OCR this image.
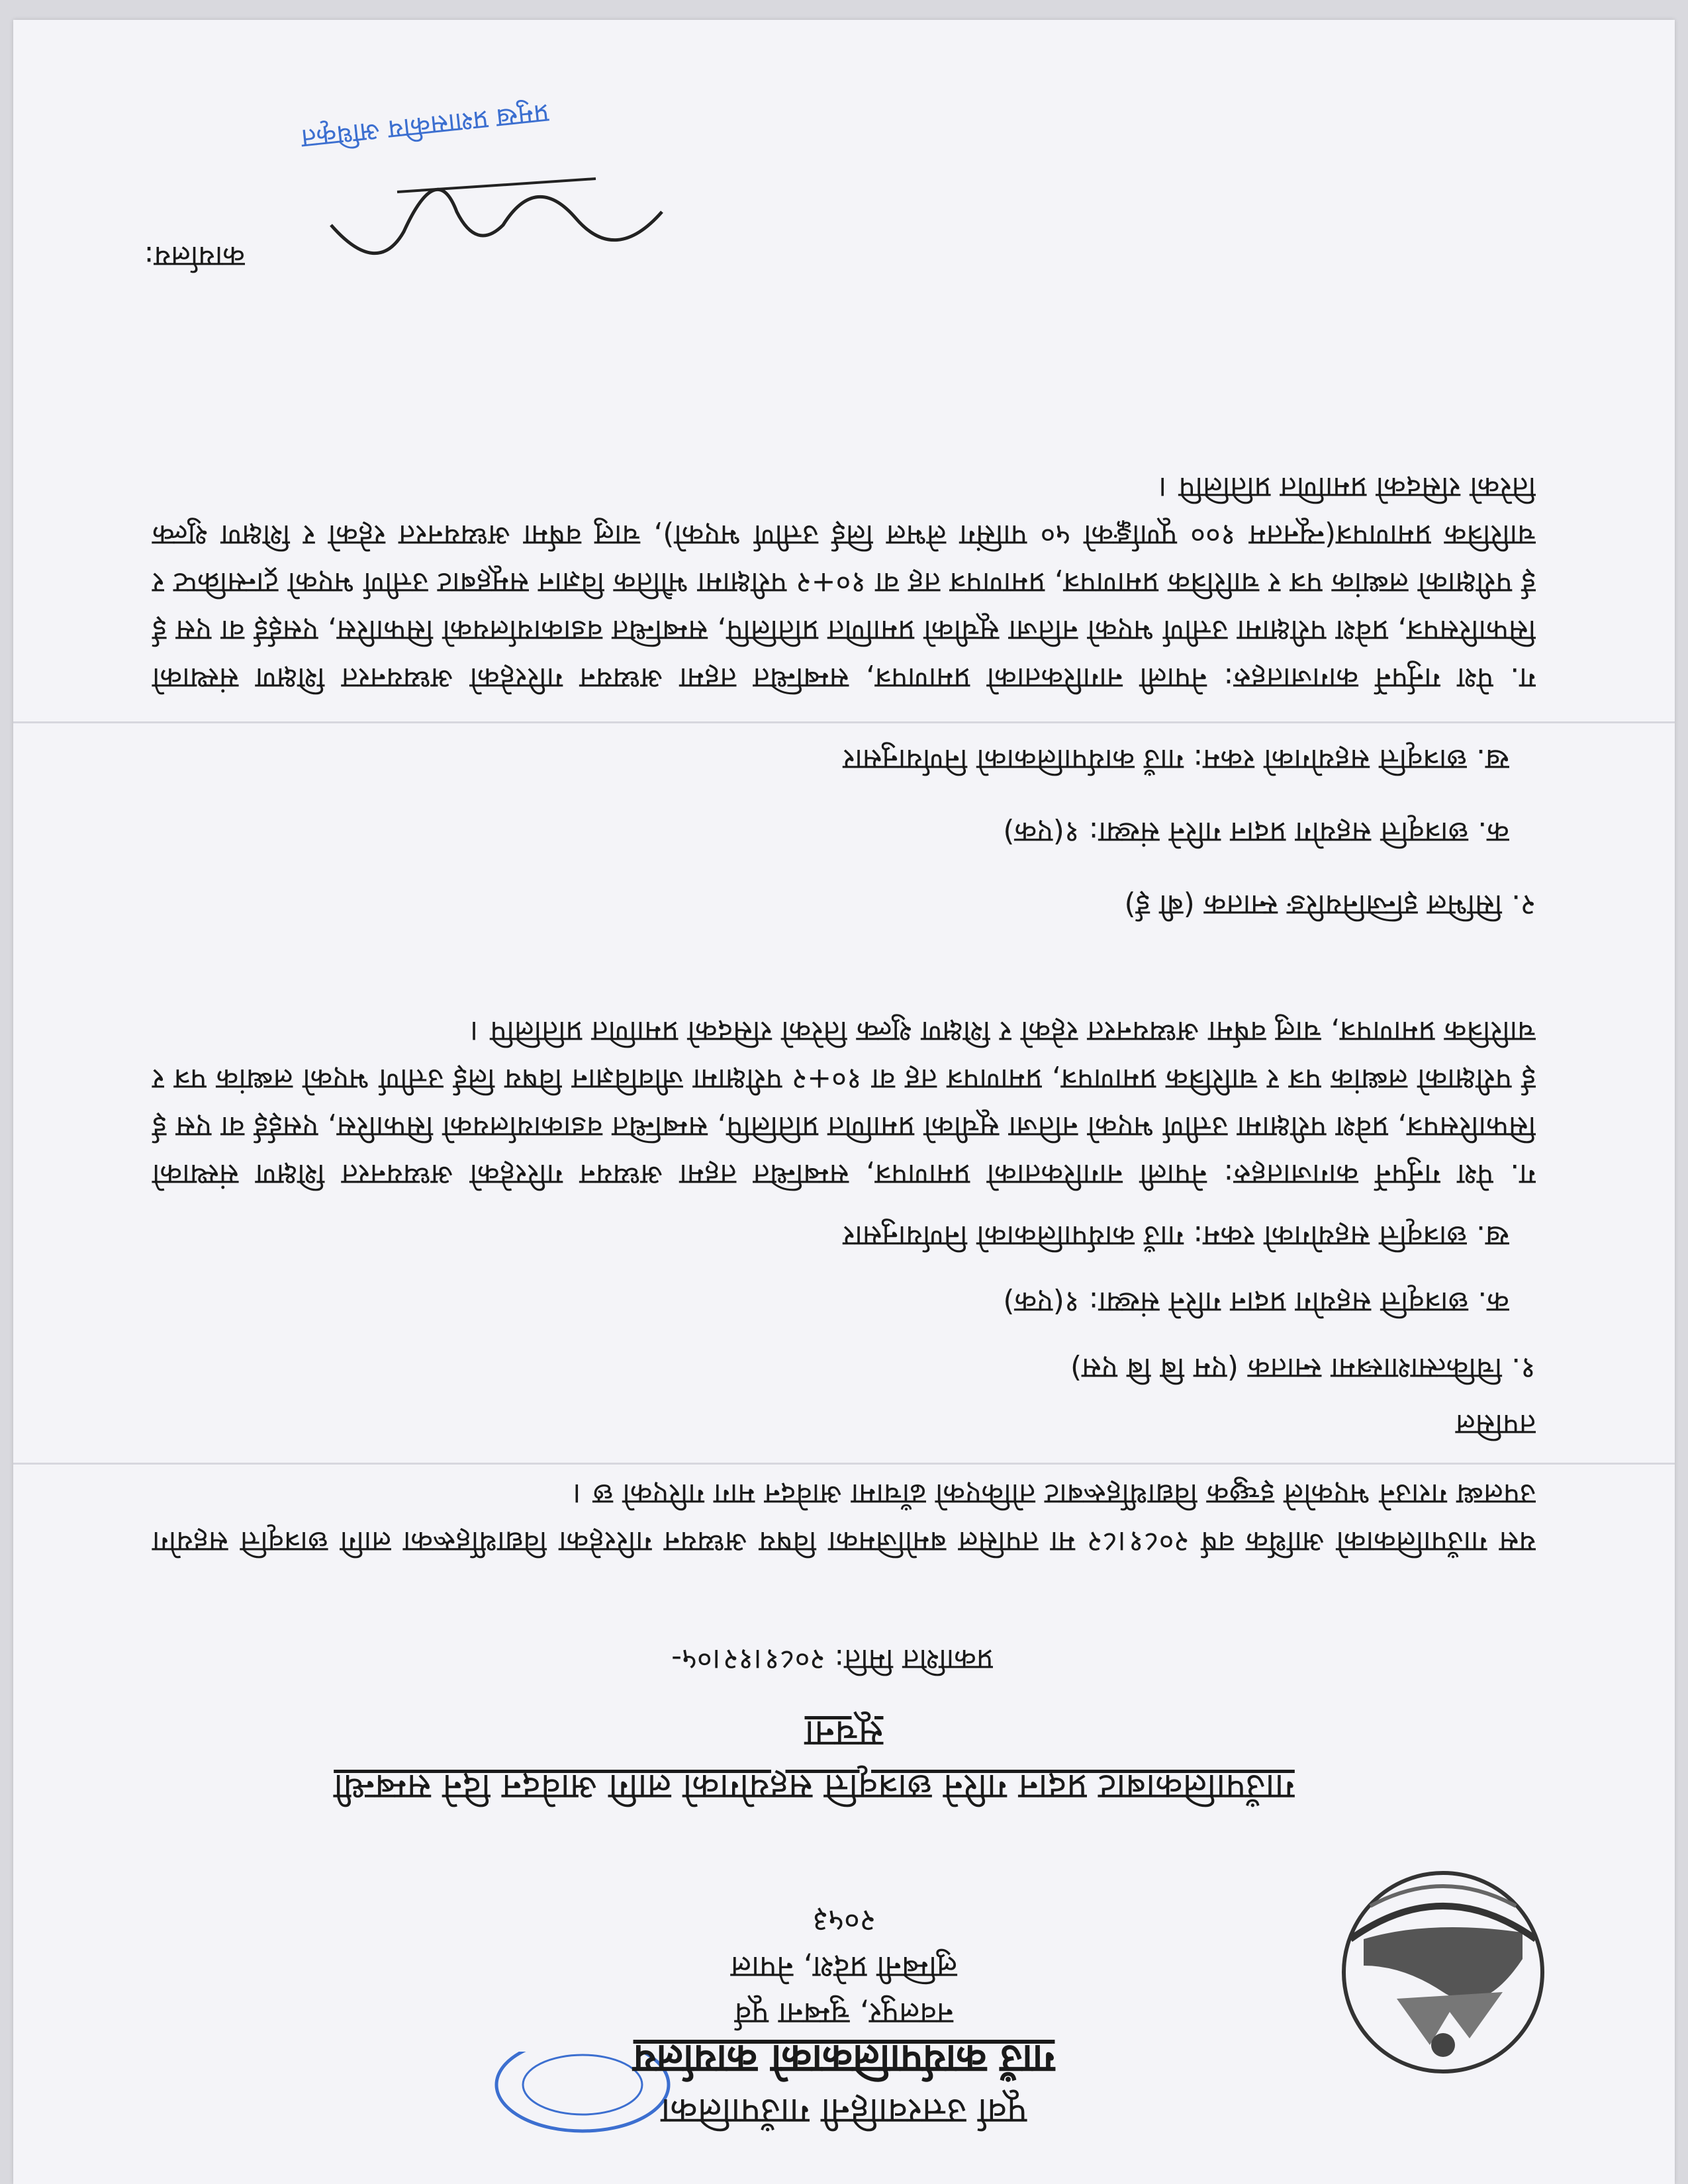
पूर्वा उत्तरवाहिनी गाउँपालिका
गाउँ कार्यपालिकाको कार्यालय
नवलपुर, चुम्बना पूर्व
लुम्बिनी प्रदेश, नेपाल
२०५३
गाउँपालिकाबाट प्रदान गरिने छात्रवृत्ति सहयोगको लागि आवेदन दिने सम्बन्धी
सूचना
प्रकाशित मिति: २०८१।१२।०५-
यस गाउँपालिकाको आर्थिक वर्ष २०८१।८२ मा तपसिल बमोजिमका विषय अध्ययन गरिरहेका विद्यार्थीहरूका लागि छात्रवृत्ति सहयोग उपलब्ध गराउने भएकोले इच्छुक विद्यार्थीहरूबाट तोकिएको ढाँचामा आवेदन माग गरिएको छ ।
तपसिल
१. चिकित्साशास्त्रमा स्नातक (एम बि बि एस)
क. छात्रवृत्ति सहयोग प्रदान गरिने संख्या: १(एक)
ख. छात्रवृत्ति सहयोगको रकम: गाउँ कार्यपालिकाको निर्णयानुसार
ग. पेश गर्नुपर्ने कागजातहरु: नेपाली नागरिकताको प्रमाणपत्र, सम्बन्धित तहमा अध्ययन गरिरहेको अध्ययनरत शिक्षण संस्थाको सिफारिसपत्र, प्रवेश परीक्षामा उत्तीर्ण भएको नतिजा सूचीको प्रमाणित प्रतिलिपि, सम्बन्धित वडाकार्यालयको सिफारिस, एसईई वा एस ई ई परीक्षाको लब्धांक पत्र र चारित्रिक प्रमाणपत्र, प्रमाणपत्र तह वा १०+२ परीक्षामा जीवविज्ञान विषय लिई उत्तीर्ण भएको लब्धांक पत्र र चारित्रिक प्रमाणपत्र, चालु वर्षमा अध्ययनरत रहेको र शिक्षण शुल्क तिरेको रसिदको प्रमाणित प्रतिलिपि ।
२. सिभिल इन्जिनियरिङ स्नातक (बी ई)
क. छात्रवृत्ति सहयोग प्रदान गरिने संख्या: १(एक)
ख. छात्रवृत्ति सहयोगको रकम: गाउँ कार्यपालिकाको निर्णयानुसार
ग. पेश गर्नुपर्ने कागजातहरु: नेपाली नागरिकताको प्रमाणपत्र, सम्बन्धित तहमा अध्ययन गरिरहेको अध्ययनरत शिक्षण संस्थाको सिफारिसपत्र, प्रवेश परीक्षामा उत्तीर्ण भएको नतिजा सूचीको प्रमाणित प्रतिलिपि, सम्बन्धित वडाकार्यालयको सिफारिस, एसईई वा एस ई ई परीक्षाको लब्धांक पत्र र चारित्रिक प्रमाणपत्र, प्रमाणपत्र तह वा १०+२ परीक्षामा भौतिक विज्ञान समूहबाट उत्तीर्ण भएको ट्रान्सक्रिप्ट र चारित्रिक प्रमाणपत्र(न्यूनतम १०० पूर्णाङ्कको ५० पासिंग लेभल लिई उत्तीर्ण भएको), चालु वर्षमा अध्ययनरत रहेको र शिक्षण शुल्क तिरेको रसिदको प्रमाणित प्रतिलिपि ।
प्रमुख प्रशासकीय अधिकृत
कार्यालय:
